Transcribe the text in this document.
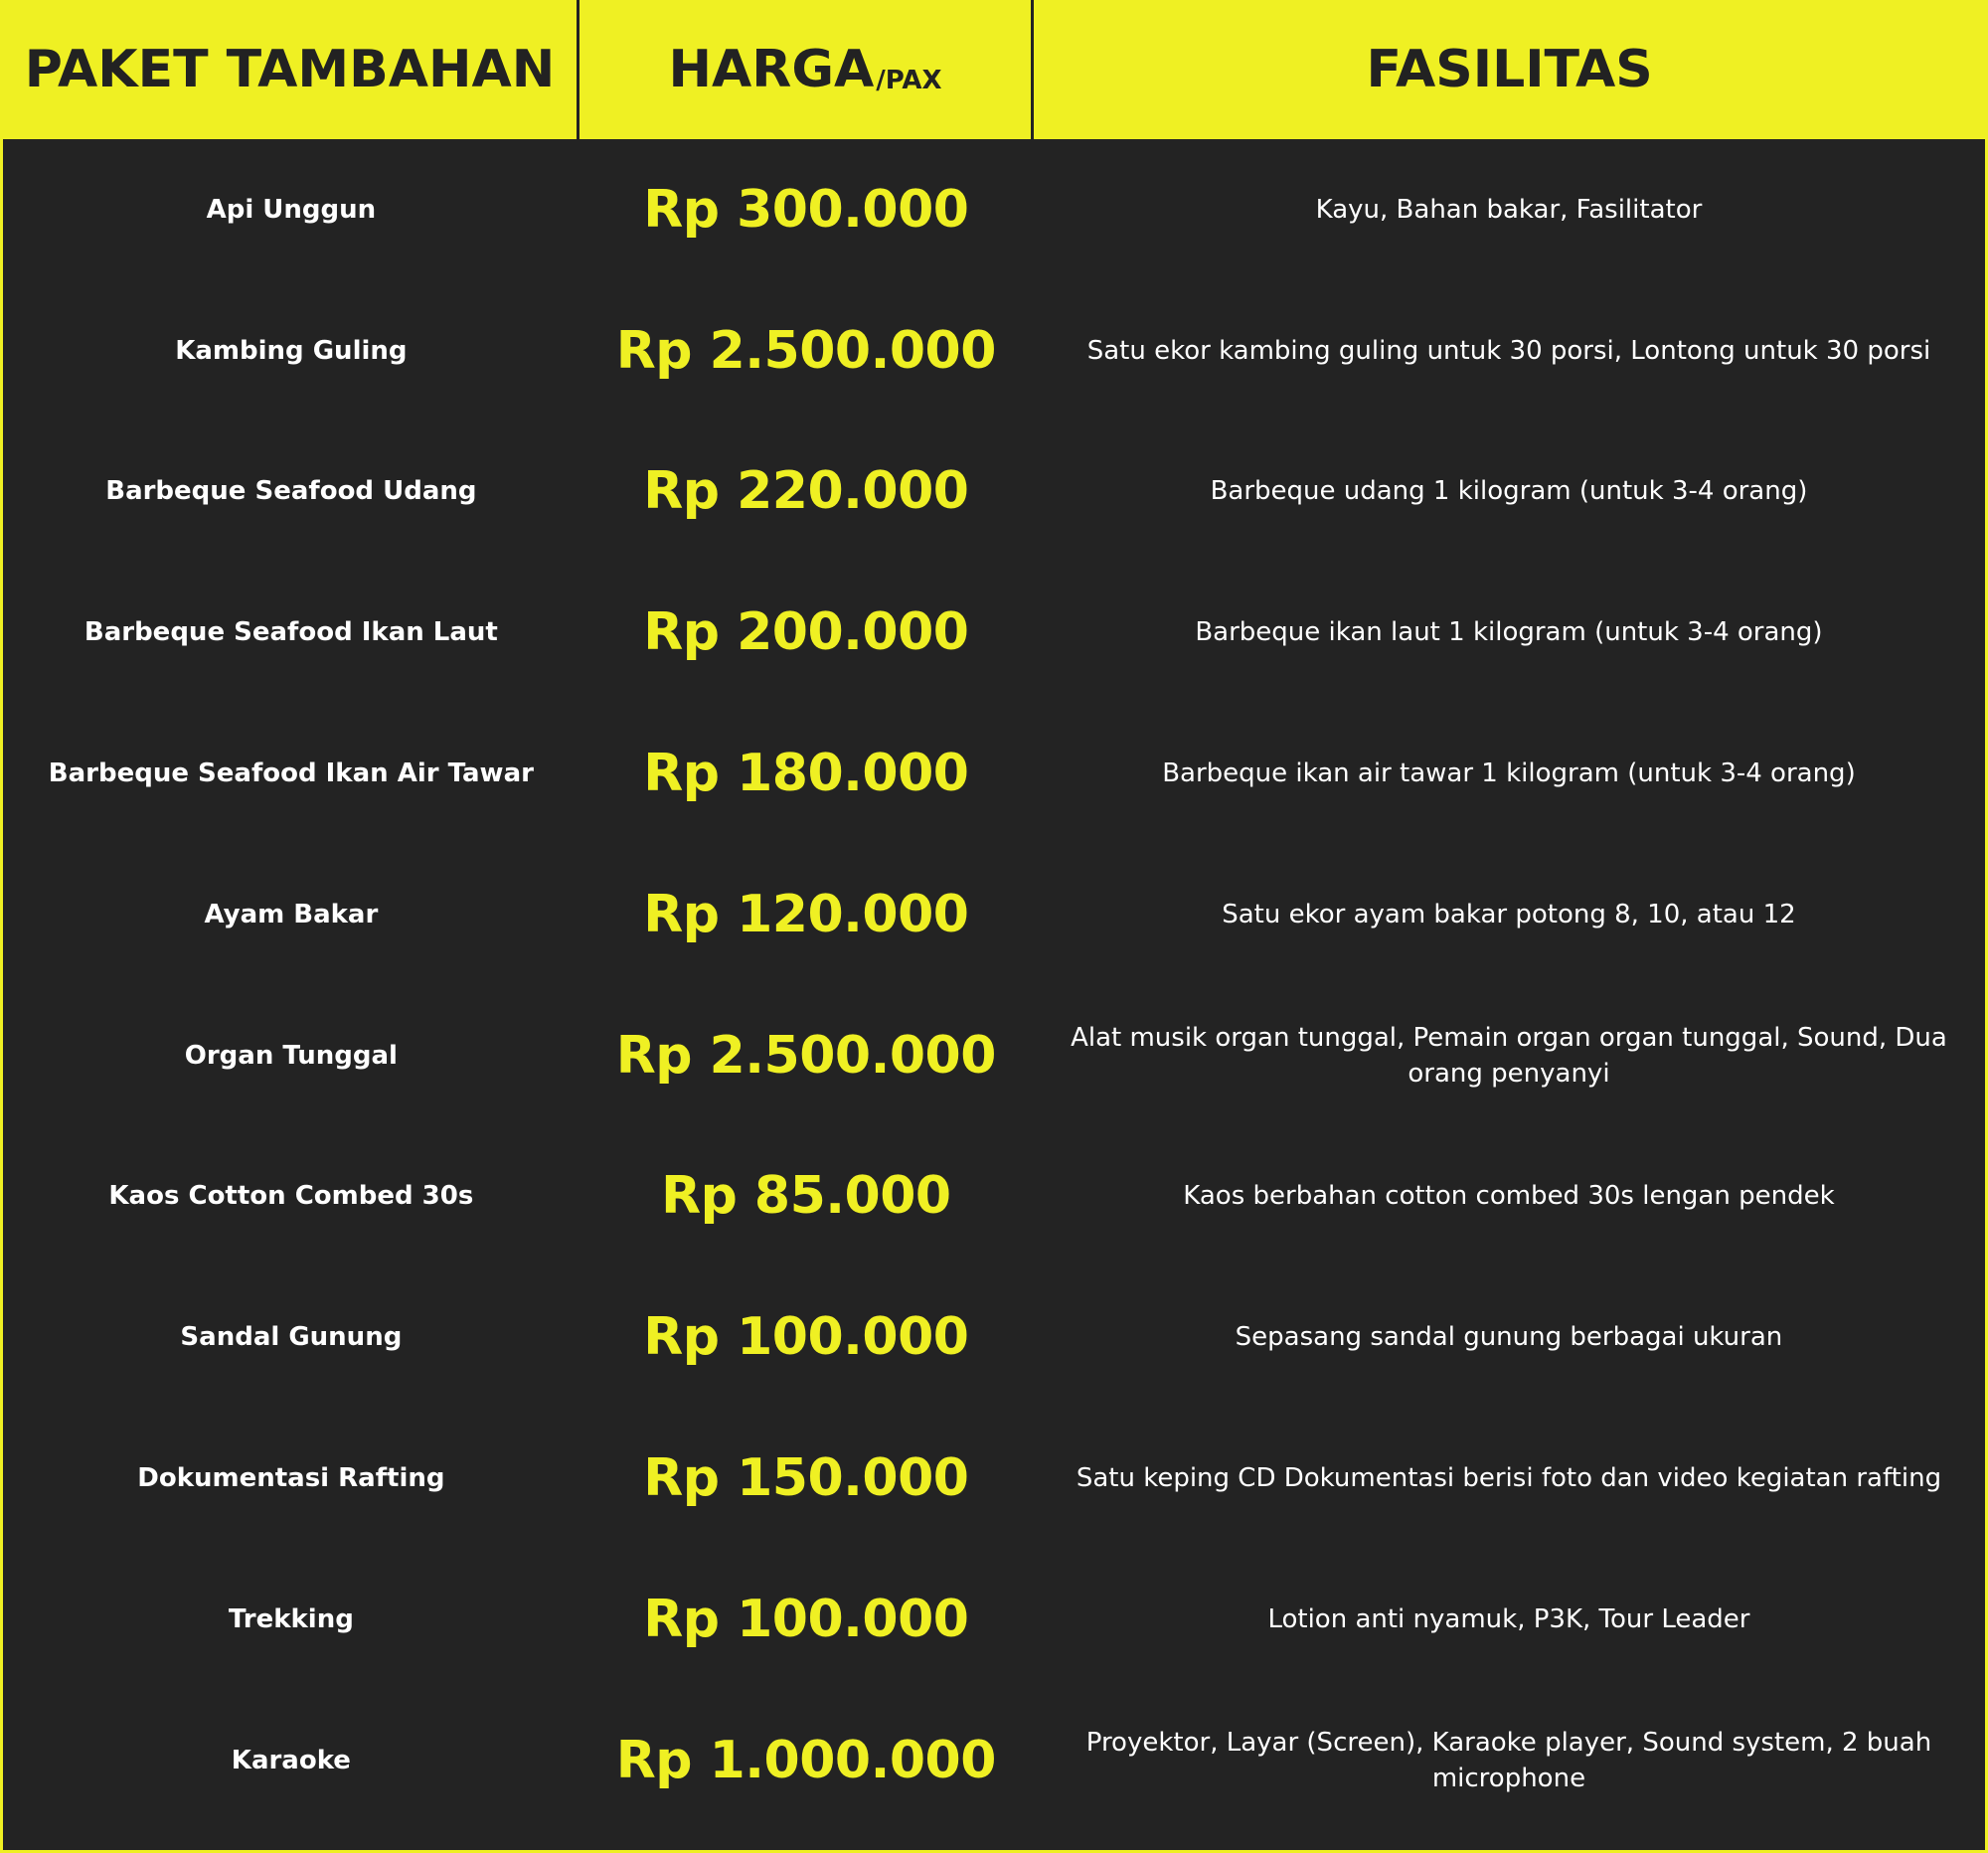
PAKET TAMBAHAN	HARGA /PAX	FASILITAS
Api Unggun	Rp 300.000	Kayu, Bahan bakar, Fasilitator
Kambing Guling	Rp 2.500.000	Satu ekor kambing guling untuk 30 porsi, Lontong untuk 30 porsi
Barbeque Seafood Udang	Rp 220.000	Barbeque udang 1 kilogram (untuk 3-4 orang)
Barbeque Seafood Ikan Laut	Rp 200.000	Barbeque ikan laut 1 kilogram (untuk 3-4 orang)
Barbeque Seafood Ikan Air Tawar	Rp 180.000	Barbeque ikan air tawar 1 kilogram (untuk 3-4 orang)
Ayam Bakar	Rp 120.000	Satu ekor ayam bakar potong 8, 10, atau 12
Organ Tunggal	Rp 2.500.000	Alat musik organ tunggal, Pemain organ organ tunggal, Sound, Dua orang penyanyi
Kaos Cotton Combed 30s	Rp 85.000	Kaos berbahan cotton combed 30s lengan pendek
Sandal Gunung	Rp 100.000	Sepasang sandal gunung berbagai ukuran
Dokumentasi Rafting	Rp 150.000	Satu keping CD Dokumentasi berisi foto dan video kegiatan rafting
Trekking	Rp 100.000	Lotion anti nyamuk, P3K, Tour Leader
Karaoke	Rp 1.000.000	Proyektor, Layar (Screen), Karaoke player, Sound system, 2 buah microphone
